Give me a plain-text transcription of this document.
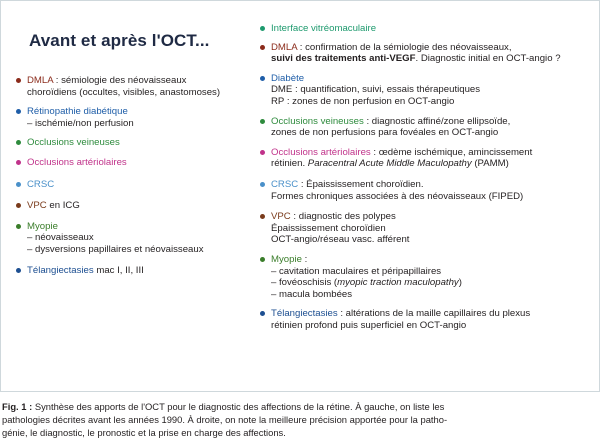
Avant et après l'OCT...
DMLA : sémiologie des néovaisseaux
choroïdiens (occultes, visibles, anastomoses)
Rétinopathie diabétique
– ischémie/non perfusion
Occlusions veineuses
Occlusions artériolaires
CRSC
VPC en ICG
Myopie
– néovaisseaux
– dysversions papillaires et néovaisseaux
Télangiectasies mac I, II, III
Interface vitréomaculaire
DMLA : confirmation de la sémiologie des néovaisseaux,
suivi des traitements anti-VEGF. Diagnostic initial en OCT-angio ?
Diabète
DME : quantification, suivi, essais thérapeutiques
RP : zones de non perfusion en OCT-angio
Occlusions veineuses : diagnostic affiné/zone ellipsoïde,
zones de non perfusions para fovéales en OCT-angio
Occlusions artériolaires : œdème ischémique, amincissement
rétinien. Paracentral Acute Middle Maculopathy (PAMM)
CRSC : Épaississement choroïdien.
Formes chroniques associées à des néovaisseaux (FIPED)
VPC : diagnostic des polypes
Épaississement choroïdien
OCT-angio/réseau vasc. afférent
Myopie :
– cavitation maculaires et péripapillaires
– fovéoschisis (myopic traction maculopathy)
– macula bombées
Télangiectasies : altérations de la maille capillaires du plexus
rétinien profond puis superficiel en OCT-angio
Fig. 1 : Synthèse des apports de l'OCT pour le diagnostic des affections de la rétine. À gauche, on liste les
pathologies décrites avant les années 1990. À droite, on note la meilleure précision apportée pour la patho-
génie, le diagnostic, le pronostic et la prise en charge des affections.
